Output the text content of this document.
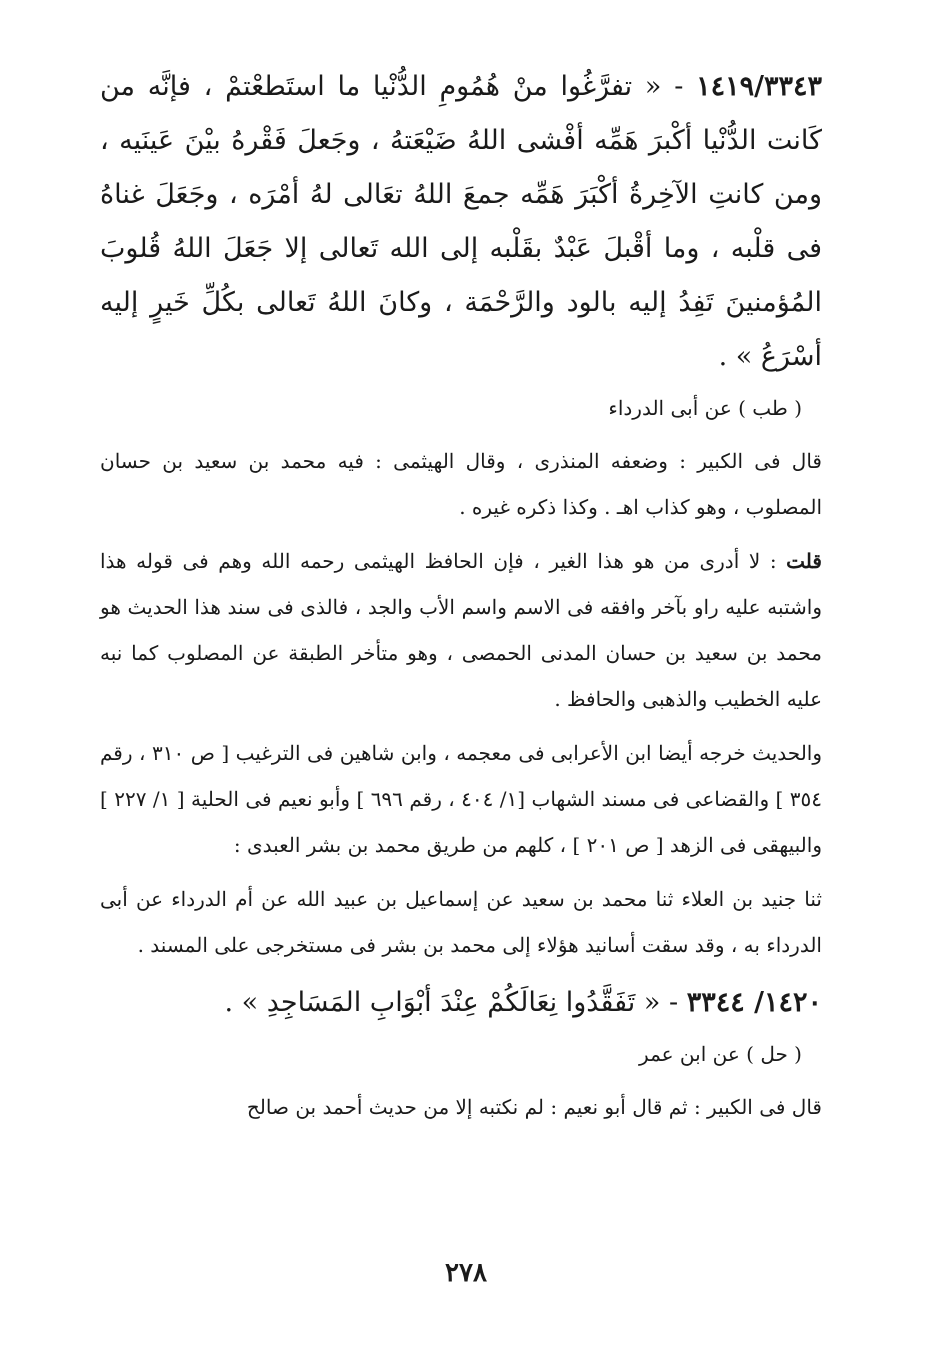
١٤١٩/٣٣٤٣ - « تفرَّغُوا منْ هُمُومِ الدُّنْيا ما استَطعْتمْ ، فإنَّه من كَانت الدُّنْيا أكْبرَ هَمِّه أفْشى اللهُ ضَيْعَتهُ ، وجَعلَ فَقْرهُ بيْنَ عَينَيه ، ومن كانتِ الآخِرةُ أكْبَرَ هَمِّه جمعَ اللهُ تعَالى لهُ أمْرَه ، وجَعَلَ غناهُ فى قلْبه ، وما أقْبلَ عَبْدٌ بقَلْبه إلى الله تَعالى إلا جَعَلَ اللهُ قُلوبَ المُؤمنينَ تَفِدُ إليه بالود والرَّحْمَة ، وكانَ اللهُ تَعالى بكُلِّ خَيرٍ إليه أسْرَعُ » .

( طب ) عن أبى الدرداء

قال فى الكبير : وضعفه المنذرى ، وقال الهيثمى : فيه محمد بن سعيد بن حسان المصلوب ، وهو كذاب اهـ . وكذا ذكره غيره .

قلت : لا أدرى من هو هذا الغير ، فإن الحافظ الهيثمى رحمه الله وهم فى قوله هذا واشتبه عليه راو بآخر وافقه فى الاسم واسم الأب والجد ، فالذى فى سند هذا الحديث هو محمد بن سعيد بن حسان المدنى الحمصى ، وهو متأخر الطبقة عن المصلوب كما نبه عليه الخطيب والذهبى والحافظ .

والحديث خرجه أيضا ابن الأعرابى فى معجمه ، وابن شاهين فى الترغيب [ ص ٣١٠ ، رقم ٣٥٤ ] والقضاعى فى مسند الشهاب [١/ ٤٠٤ ، رقم ٦٩٦ ] وأبو نعيم فى الحلية [ ١/ ٢٢٧ ] والبيهقى فى الزهد [ ص ٢٠١ ] ، كلهم من طريق محمد بن بشر العبدى :

ثنا جنيد بن العلاء ثنا محمد بن سعيد عن إسماعيل بن عبيد الله عن أم الدرداء عن أبى الدرداء به ، وقد سقت أسانيد هؤلاء إلى محمد بن بشر فى مستخرجى على المسند .

١٤٢٠/ ٣٣٤٤ - « تَفَقَّدُوا نِعَالَكُمْ عِنْدَ أبْوَابِ المَسَاجِدِ » .

( حل ) عن ابن عمر

قال فى الكبير : ثم قال أبو نعيم : لم نكتبه إلا من حديث أحمد بن صالح

٢٧٨
